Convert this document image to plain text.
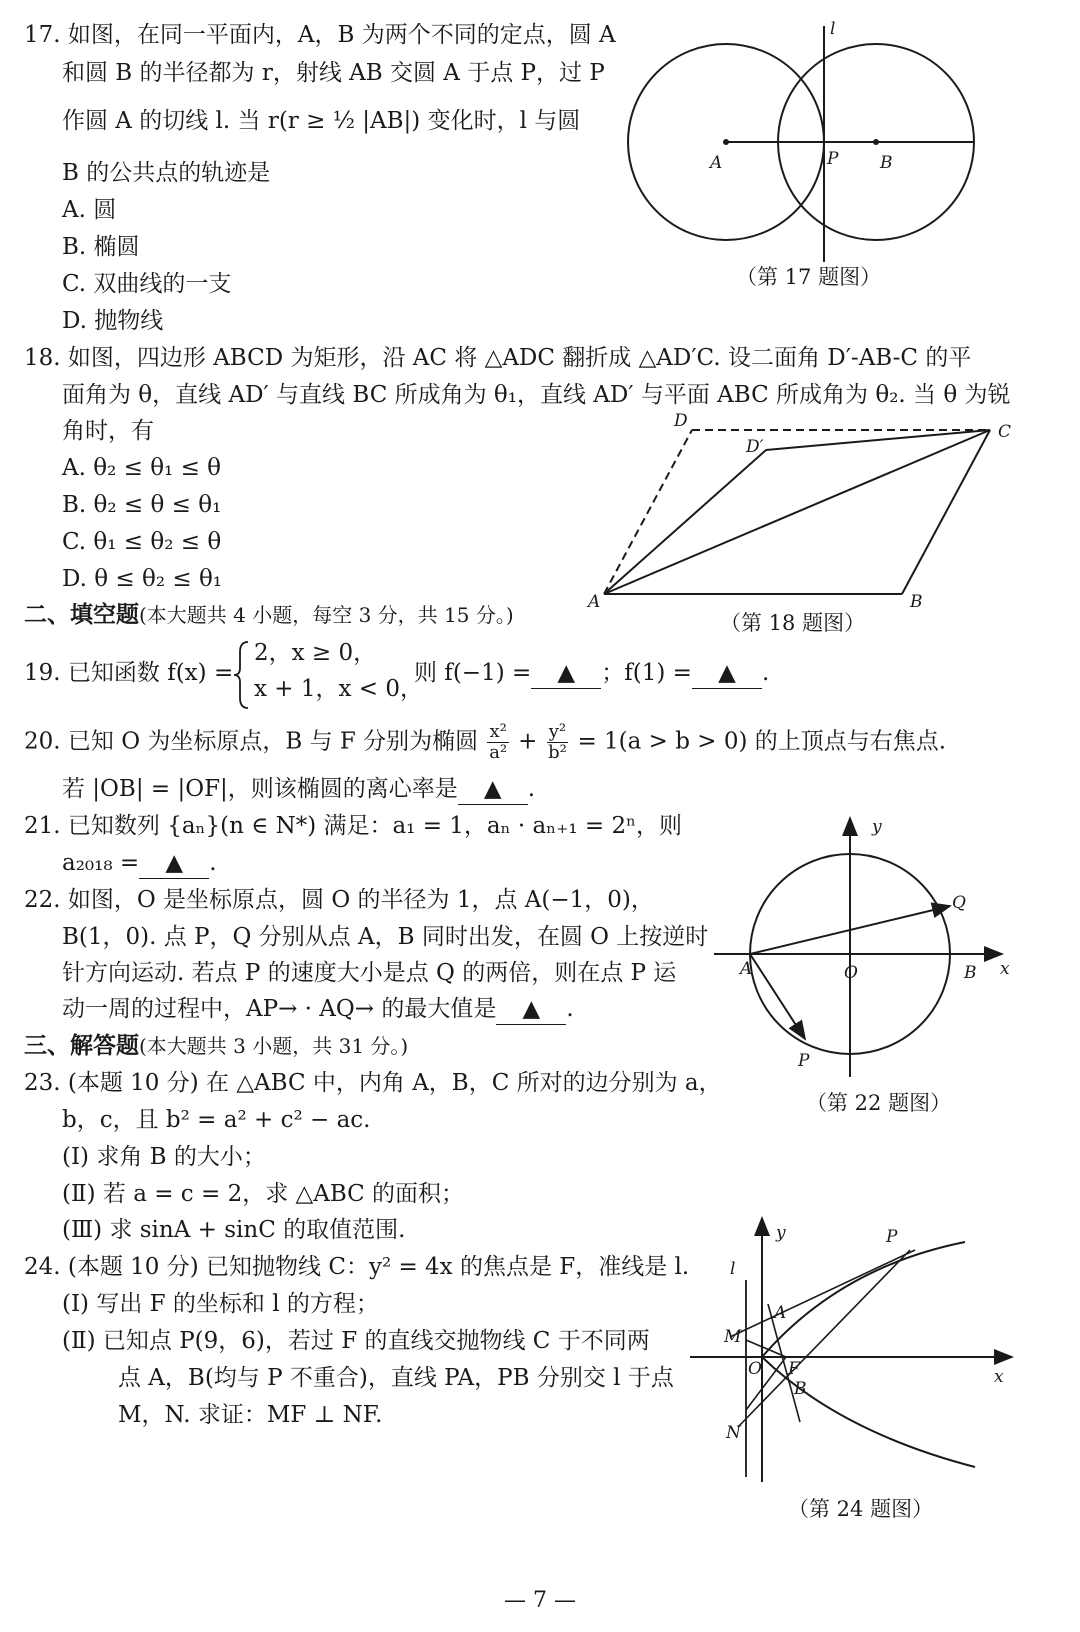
17. 如图，在同一平面内，A，B 为两个不同的定点，圆 A
和圆 B 的半径都为 r，射线 AB 交圆 A 于点 P，过 P
作圆 A 的切线 l. 当 r(r ≥ ½ |AB|) 变化时，l 与圆
B 的公共点的轨迹是
A. 圆
B. 椭圆
C. 双曲线的一支
D. 抛物线
l
A	P B
（第 17 题图）
18. 如图，四边形 ABCD 为矩形，沿 AC 将 △ADC 翻折成 △AD′C. 设二面角 D′-AB-C 的平
面角为 θ，直线 AD′ 与直线 BC 所成角为 θ₁，直线 AD′ 与平面 ABC 所成角为 θ₂. 当 θ 为锐
角时，有
A. θ₂ ≤ θ₁ ≤ θ
B. θ₂ ≤ θ ≤ θ₁
C. θ₁ ≤ θ₂ ≤ θ
D. θ ≤ θ₂ ≤ θ₁
A	B
C
D
D′
（第 18 题图）
二、填空题(本大题共 4 小题，每空 3 分，共 15 分。)
19. 已知函数 f(x) =
2，x ≥ 0，
x + 1，x < 0，
则 f(−1) = ▲ ；f(1) = ▲ .
20. 已知 O 为坐标原点，B 与 F 分别为椭圆 $\frac{\text{x²}}{\text{a²}} + \frac{\text{y²}}{\text{b²}} = 1(a > b > 0)$ 的上顶点与右焦点.
若 |OB| = |OF|，则该椭圆的离心率是 ▲ .
21. 已知数列 {aₙ}(n ∈ N*) 满足：a₁ = 1，aₙ · aₙ₊₁ = 2ⁿ，则
a₂₀₁₈ = ▲ .
22. 如图，O 是坐标原点，圆 O 的半径为 1，点 A(−1，0)，
B(1，0). 点 P，Q 分别从点 A，B 同时出发，在圆 O 上按逆时
针方向运动. 若点 P 的速度大小是点 Q 的两倍，则在点 P 运
动一周的过程中，AP→ · AQ→ 的最大值是 ▲ .
y
x
Q
A	O	B
P
（第 22 题图）
三、解答题(本大题共 3 小题，共 31 分。)
23. (本题 10 分) 在 △ABC 中，内角 A，B，C 所对的边分别为 a，
b，c，且 b² = a² + c² − ac.
(Ⅰ) 求角 B 的大小；
(Ⅱ) 若 a = c = 2，求 △ABC 的面积；
(Ⅲ) 求 sinA + sinC 的取值范围.
24. (本题 10 分) 已知抛物线 C：y² = 4x 的焦点是 F，准线是 l.
(Ⅰ) 写出 F 的坐标和 l 的方程；
(Ⅱ) 已知点 P(9，6)，若过 F 的直线交抛物线 C 于不同两
点 A，B(均与 P 不重合)，直线 PA，PB 分别交 l 于点
M，N. 求证：MF ⊥ NF.
y
l
P
A
M
O F
B
x
N
（第 24 题图）
— 7 —
